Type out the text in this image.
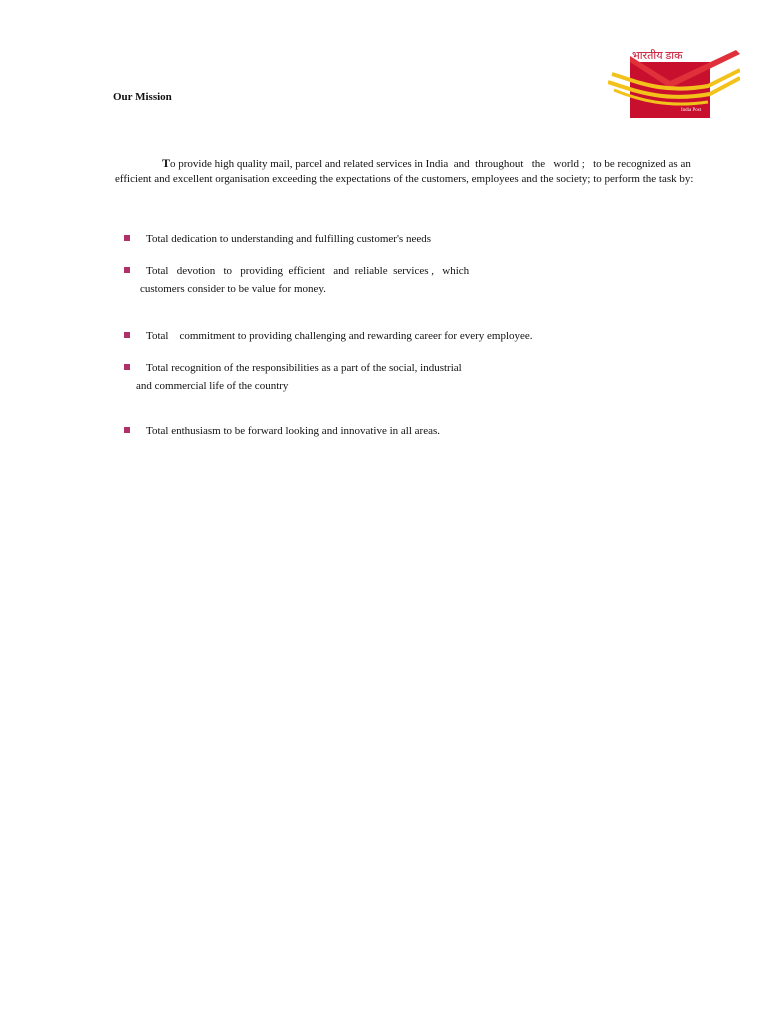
भारतीय डाक
India Post
Our Mission

To provide high quality mail, parcel and related services in India  and  throughout   the   world ;   to be recognized as an efficient and excellent organisation exceeding the expectations of the customers, employees and the society; to perform the task by:

Total dedication to understanding and fulfilling customer's needs

Total   devotion   to   providing  efficient   and  reliable  services ,   which

customers consider to be value for money.

Total    commitment to providing challenging and rewarding career for every employee.

Total recognition of the responsibilities as a part of the social, industrial

and commercial life of the country

Total enthusiasm to be forward looking and innovative in all areas.
